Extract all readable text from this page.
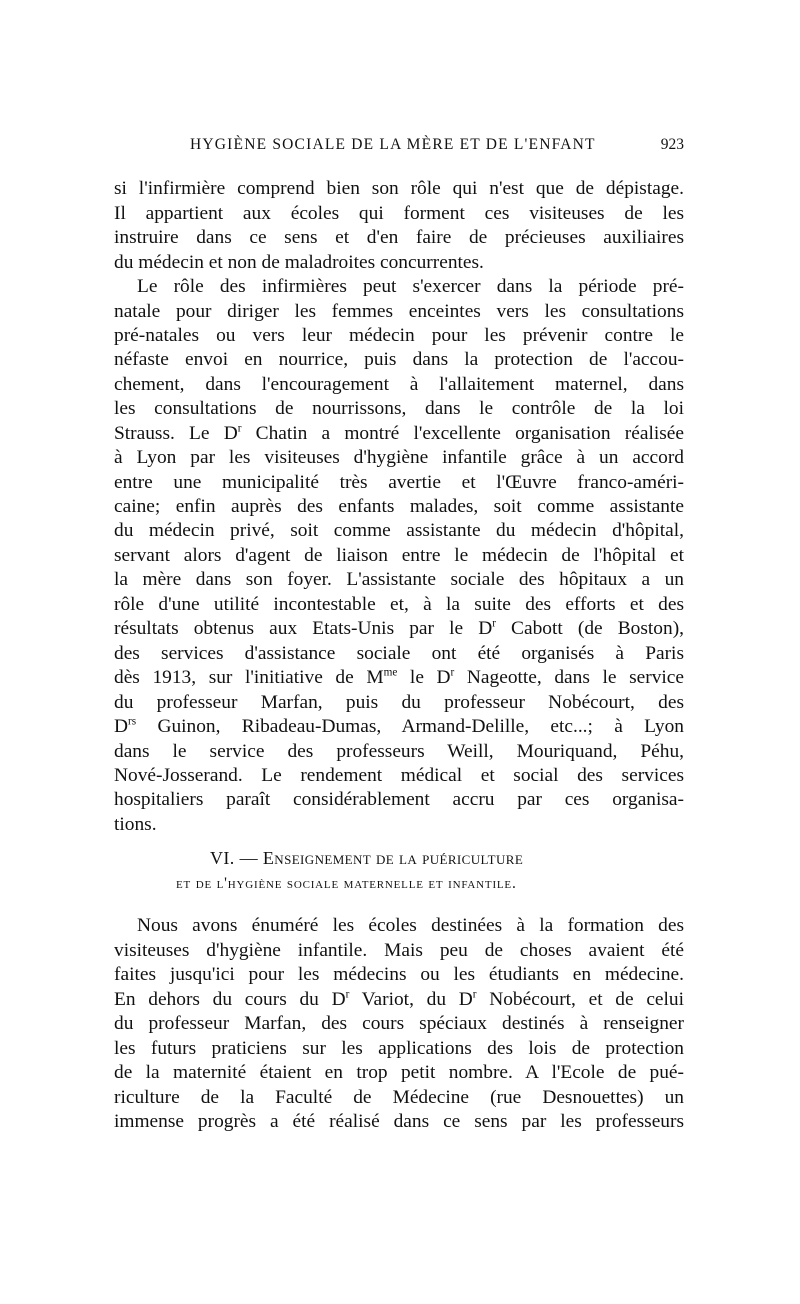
HYGIÈNE SOCIALE DE LA MÈRE ET DE L'ENFANT	923
si l'infirmière comprend bien son rôle qui n'est que de dépistage.
Il appartient aux écoles qui forment ces visiteuses de les
instruire dans ce sens et d'en faire de précieuses auxiliaires
du médecin et non de maladroites concurrentes.
Le rôle des infirmières peut s'exercer dans la période pré-
natale pour diriger les femmes enceintes vers les consultations
pré-natales ou vers leur médecin pour les prévenir contre le
néfaste envoi en nourrice, puis dans la protection de l'accou-
chement, dans l'encouragement à l'allaitement maternel, dans
les consultations de nourrissons, dans le contrôle de la loi
Strauss. Le $D^r$ Chatin a montré l'excellente organisation réalisée
à Lyon par les visiteuses d'hygiène infantile grâce à un accord
entre une municipalité très avertie et l'Œuvre franco-améri-
caine; enfin auprès des enfants malades, soit comme assistante
du médecin privé, soit comme assistante du médecin d'hôpital,
servant alors d'agent de liaison entre le médecin de l'hôpital et
la mère dans son foyer. L'assistante sociale des hôpitaux a un
rôle d'une utilité incontestable et, à la suite des efforts et des
résultats obtenus aux Etats-Unis par le $D^r$ Cabott (de Boston),
des services d'assistance sociale ont été organisés à Paris
dès 1913, sur l'initiative de $M^{me}$ le $D^r$ Nageotte, dans le service
du professeur Marfan, puis du professeur Nobécourt, des
$D^{rs}$ Guinon, Ribadeau-Dumas, Armand-Delille, etc...; à Lyon
dans le service des professeurs Weill, Mouriquand, Péhu,
Nové-Josserand. Le rendement médical et social des services
hospitaliers paraît considérablement accru par ces organisa-
tions.
VI. — Enseignement de la puériculture
et de l'hygiène sociale maternelle et infantile.
Nous avons énuméré les écoles destinées à la formation des
visiteuses d'hygiène infantile. Mais peu de choses avaient été
faites jusqu'ici pour les médecins ou les étudiants en médecine.
En dehors du cours du $D^r$ Variot, du $D^r$ Nobécourt, et de celui
du professeur Marfan, des cours spéciaux destinés à renseigner
les futurs praticiens sur les applications des lois de protection
de la maternité étaient en trop petit nombre. A l'Ecole de pué-
riculture de la Faculté de Médecine (rue Desnouettes) un
immense progrès a été réalisé dans ce sens par les professeurs
